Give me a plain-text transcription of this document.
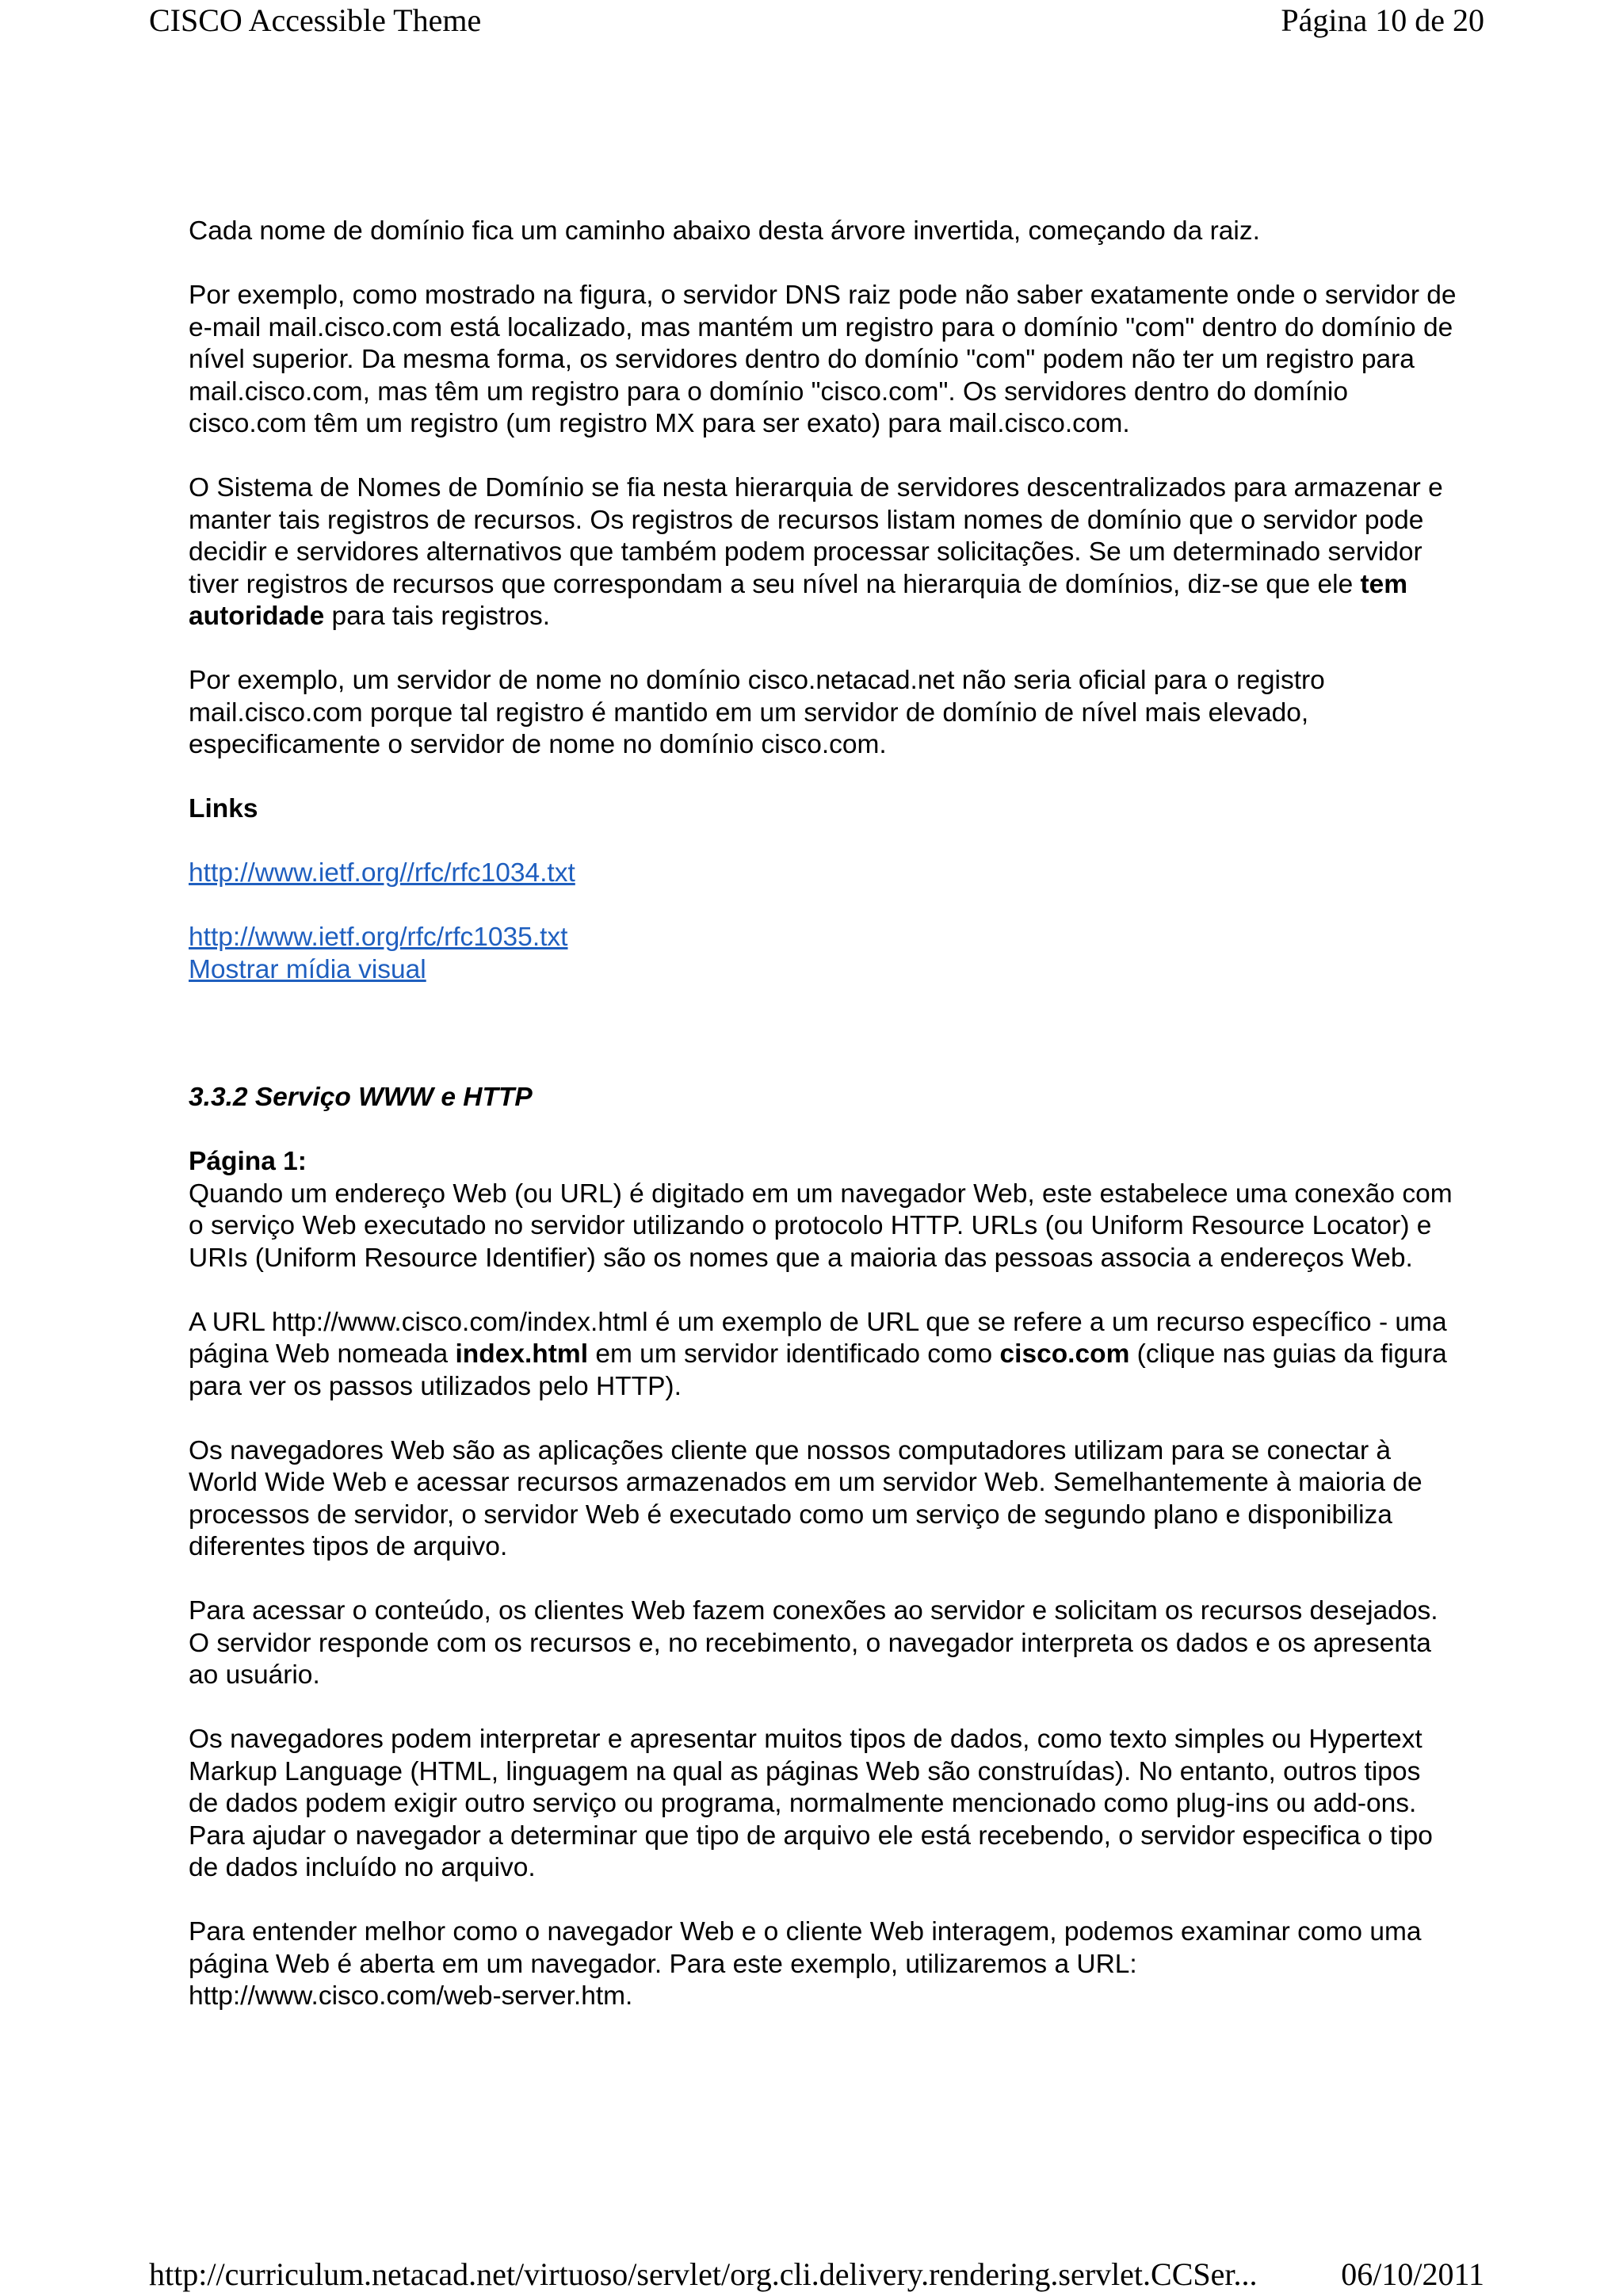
CISCO Accessible Theme	Página 10 de 20

Cada nome de domínio fica um caminho abaixo desta árvore invertida, começando da raiz.

Por exemplo, como mostrado na figura, o servidor DNS raiz pode não saber exatamente onde o servidor de e-mail mail.cisco.com está localizado, mas mantém um registro para o domínio "com" dentro do domínio de nível superior. Da mesma forma, os servidores dentro do domínio "com" podem não ter um registro para mail.cisco.com, mas têm um registro para o domínio "cisco.com". Os servidores dentro do domínio cisco.com têm um registro (um registro MX para ser exato) para mail.cisco.com.

O Sistema de Nomes de Domínio se fia nesta hierarquia de servidores descentralizados para armazenar e manter tais registros de recursos. Os registros de recursos listam nomes de domínio que o servidor pode decidir e servidores alternativos que também podem processar solicitações. Se um determinado servidor tiver registros de recursos que correspondam a seu nível na hierarquia de domínios, diz-se que ele tem autoridade para tais registros.

Por exemplo, um servidor de nome no domínio cisco.netacad.net não seria oficial para o registro mail.cisco.com porque tal registro é mantido em um servidor de domínio de nível mais elevado, especificamente o servidor de nome no domínio cisco.com.

Links

http://www.ietf.org//rfc/rfc1034.txt

http://www.ietf.org/rfc/rfc1035.txt

Mostrar mídia visual

3.3.2 Serviço WWW e HTTP

Página 1:

Quando um endereço Web (ou URL) é digitado em um navegador Web, este estabelece uma conexão com o serviço Web executado no servidor utilizando o protocolo HTTP. URLs (ou Uniform Resource Locator) e URIs (Uniform Resource Identifier) são os nomes que a maioria das pessoas associa a endereços Web.

A URL http://www.cisco.com/index.html é um exemplo de URL que se refere a um recurso específico - uma página Web nomeada index.html em um servidor identificado como cisco.com (clique nas guias da figura para ver os passos utilizados pelo HTTP).

Os navegadores Web são as aplicações cliente que nossos computadores utilizam para se conectar à World Wide Web e acessar recursos armazenados em um servidor Web. Semelhantemente à maioria de processos de servidor, o servidor Web é executado como um serviço de segundo plano e disponibiliza diferentes tipos de arquivo.

Para acessar o conteúdo, os clientes Web fazem conexões ao servidor e solicitam os recursos desejados. O servidor responde com os recursos e, no recebimento, o navegador interpreta os dados e os apresenta ao usuário.

Os navegadores podem interpretar e apresentar muitos tipos de dados, como texto simples ou Hypertext Markup Language (HTML, linguagem na qual as páginas Web são construídas). No entanto, outros tipos de dados podem exigir outro serviço ou programa, normalmente mencionado como plug-ins ou add-ons. Para ajudar o navegador a determinar que tipo de arquivo ele está recebendo, o servidor especifica o tipo de dados incluído no arquivo.

Para entender melhor como o navegador Web e o cliente Web interagem, podemos examinar como uma página Web é aberta em um navegador. Para este exemplo, utilizaremos a URL: http://www.cisco.com/web-server.htm.

http://curriculum.netacad.net/virtuoso/servlet/org.cli.delivery.rendering.servlet.CCSer...	06/10/2011
